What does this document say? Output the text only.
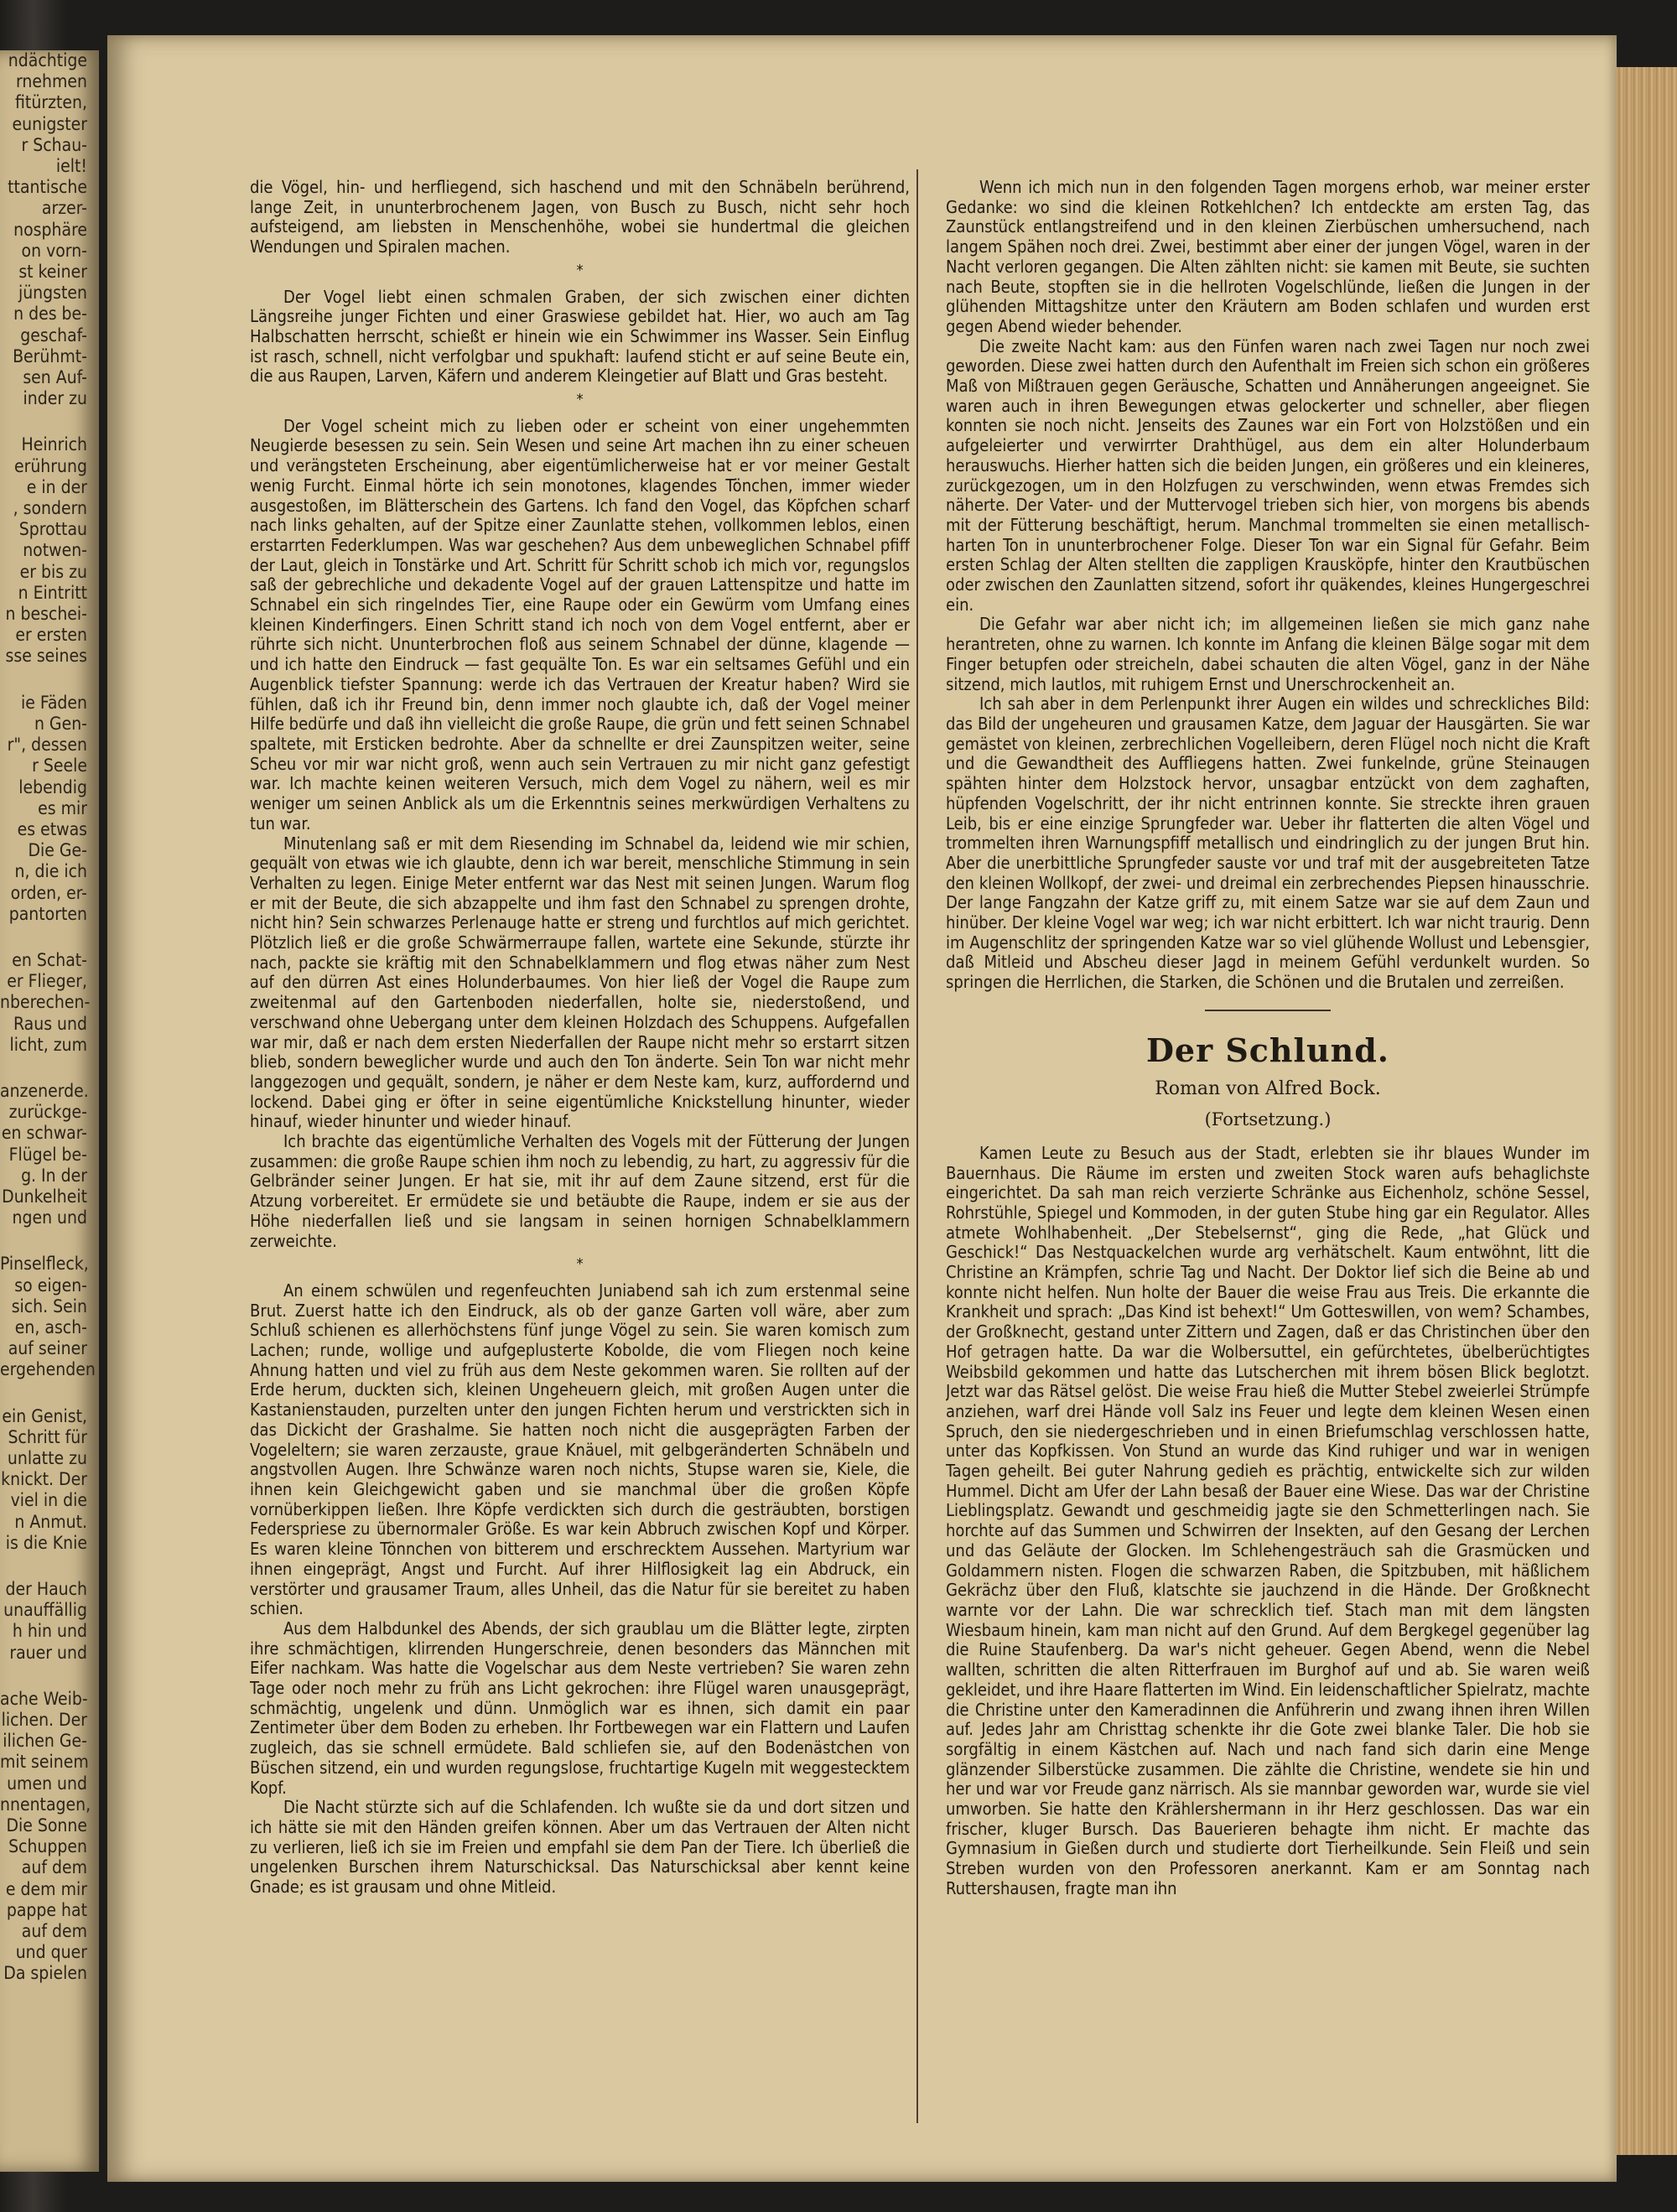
ndächtige

rnehmen

fitürzten,

eunigster

r Schau-

ielt!

ttantische

arzer-

nosphäre

on vorn-

st keiner

jüngsten

n des be-

geschaf-

Berühmt-

sen Auf-

inder zu

Heinrich

erührung

e in der

, sondern

Sprottau

notwen-

er bis zu

n Eintritt

n beschei-

er ersten

sse seines

ie Fäden

n Gen-

r", dessen

r Seele

lebendig

es mir

es etwas

Die Ge-

n, die ich

orden, er-

pantorten

en Schat-

er Flieger,

nberechen-

Raus und

licht, zum

anzenerde.

zurückge-

en schwar-

Flügel be-

g. In der

Dunkelheit

ngen und

Pinselfleck,

so eigen-

sich. Sein

en, asch-

auf seiner

ergehenden

ein Genist,

Schritt für

unlatte zu

knickt. Der

viel in die

n Anmut.

is die Knie

der Hauch

unauffällig

h hin und

rauer und

ache Weib-

lichen. Der

ilichen Ge-

mit seinem

umen und

nnentagen,

Die Sonne

Schuppen

auf dem

e dem mir

pappe hat

auf dem

und quer

Da spielen

die Vögel, hin- und herfliegend, sich haschend und mit den Schnäbeln berührend, lange Zeit, in ununterbrochenem Jagen, von Busch zu Busch, nicht sehr hoch aufsteigend, am liebsten in Menschenhöhe, wobei sie hundertmal die gleichen Wendungen und Spiralen machen.

*

Der Vogel liebt einen schmalen Graben, der sich zwischen einer dichten Längsreihe junger Fichten und einer Graswiese gebildet hat. Hier, wo auch am Tag Halbschatten herrscht, schießt er hinein wie ein Schwimmer ins Wasser. Sein Einflug ist rasch, schnell, nicht verfolgbar und spukhaft: laufend sticht er auf seine Beute ein, die aus Raupen, Larven, Käfern und anderem Kleingetier auf Blatt und Gras besteht.

*

Der Vogel scheint mich zu lieben oder er scheint von einer ungehemmten Neugierde besessen zu sein. Sein Wesen und seine Art machen ihn zu einer scheuen und verängsteten Erscheinung, aber eigentümlicherweise hat er vor meiner Gestalt wenig Furcht. Einmal hörte ich sein monotones, klagendes Tönchen, immer wieder ausgestoßen, im Blätterschein des Gartens. Ich fand den Vogel, das Köpfchen scharf nach links gehalten, auf der Spitze einer Zaunlatte stehen, vollkommen leblos, einen erstarrten Federklumpen. Was war geschehen? Aus dem unbeweglichen Schnabel pfiff der Laut, gleich in Tonstärke und Art. Schritt für Schritt schob ich mich vor, regungslos saß der gebrechliche und dekadente Vogel auf der grauen Lattenspitze und hatte im Schnabel ein sich ringelndes Tier, eine Raupe oder ein Gewürm vom Umfang eines kleinen Kinderfingers. Einen Schritt stand ich noch von dem Vogel entfernt, aber er rührte sich nicht. Ununterbrochen floß aus seinem Schnabel der dünne, klagende — und ich hatte den Eindruck — fast gequälte Ton. Es war ein seltsames Gefühl und ein Augenblick tiefster Spannung: werde ich das Vertrauen der Kreatur haben? Wird sie fühlen, daß ich ihr Freund bin, denn immer noch glaubte ich, daß der Vogel meiner Hilfe bedürfe und daß ihn vielleicht die große Raupe, die grün und fett seinen Schnabel spaltete, mit Ersticken bedrohte. Aber da schnellte er drei Zaunspitzen weiter, seine Scheu vor mir war nicht groß, wenn auch sein Vertrauen zu mir nicht ganz gefestigt war. Ich machte keinen weiteren Versuch, mich dem Vogel zu nähern, weil es mir weniger um seinen Anblick als um die Erkenntnis seines merkwürdigen Verhaltens zu tun war.

Minutenlang saß er mit dem Riesending im Schnabel da, leidend wie mir schien, gequält von etwas wie ich glaubte, denn ich war bereit, menschliche Stimmung in sein Verhalten zu legen. Einige Meter entfernt war das Nest mit seinen Jungen. Warum flog er mit der Beute, die sich abzappelte und ihm fast den Schnabel zu sprengen drohte, nicht hin? Sein schwarzes Perlenauge hatte er streng und furchtlos auf mich gerichtet. Plötzlich ließ er die große Schwärmerraupe fallen, wartete eine Sekunde, stürzte ihr nach, packte sie kräftig mit den Schnabelklammern und flog etwas näher zum Nest auf den dürren Ast eines Holunderbaumes. Von hier ließ der Vogel die Raupe zum zweitenmal auf den Gartenboden niederfallen, holte sie, niederstoßend, und verschwand ohne Uebergang unter dem kleinen Holzdach des Schuppens. Aufgefallen war mir, daß er nach dem ersten Niederfallen der Raupe nicht mehr so erstarrt sitzen blieb, sondern beweglicher wurde und auch den Ton änderte. Sein Ton war nicht mehr langgezogen und gequält, sondern, je näher er dem Neste kam, kurz, auffordernd und lockend. Dabei ging er öfter in seine eigentümliche Knickstellung hinunter, wieder hinauf, wieder hinunter und wieder hinauf.

Ich brachte das eigentümliche Verhalten des Vogels mit der Fütterung der Jungen zusammen: die große Raupe schien ihm noch zu lebendig, zu hart, zu aggressiv für die Gelbränder seiner Jungen. Er hat sie, mit ihr auf dem Zaune sitzend, erst für die Atzung vorbereitet. Er ermüdete sie und betäubte die Raupe, indem er sie aus der Höhe niederfallen ließ und sie langsam in seinen hornigen Schnabelklammern zerweichte.

*

An einem schwülen und regenfeuchten Juniabend sah ich zum erstenmal seine Brut. Zuerst hatte ich den Eindruck, als ob der ganze Garten voll wäre, aber zum Schluß schienen es allerhöchstens fünf junge Vögel zu sein. Sie waren komisch zum Lachen; runde, wollige und aufgeplusterte Kobolde, die vom Fliegen noch keine Ahnung hatten und viel zu früh aus dem Neste gekommen waren. Sie rollten auf der Erde herum, duckten sich, kleinen Ungeheuern gleich, mit großen Augen unter die Kastanienstauden, purzelten unter den jungen Fichten herum und verstrickten sich in das Dickicht der Grashalme. Sie hatten noch nicht die ausgeprägten Farben der Vogeleltern; sie waren zerzauste, graue Knäuel, mit gelbgeränderten Schnäbeln und angstvollen Augen. Ihre Schwänze waren noch nichts, Stupse waren sie, Kiele, die ihnen kein Gleichgewicht gaben und sie manchmal über die großen Köpfe vornüberkippen ließen. Ihre Köpfe verdickten sich durch die gesträubten, borstigen Federspriese zu übernormaler Größe. Es war kein Abbruch zwischen Kopf und Körper. Es waren kleine Tönnchen von bitterem und erschrecktem Aussehen. Martyrium war ihnen eingeprägt, Angst und Furcht. Auf ihrer Hilflosigkeit lag ein Abdruck, ein verstörter und grausamer Traum, alles Unheil, das die Natur für sie bereitet zu haben schien.

Aus dem Halbdunkel des Abends, der sich graublau um die Blätter legte, zirpten ihre schmächtigen, klirrenden Hungerschreie, denen besonders das Männchen mit Eifer nachkam. Was hatte die Vogelschar aus dem Neste vertrieben? Sie waren zehn Tage oder noch mehr zu früh ans Licht gekrochen: ihre Flügel waren unausgeprägt, schmächtig, ungelenk und dünn. Unmöglich war es ihnen, sich damit ein paar Zentimeter über dem Boden zu erheben. Ihr Fortbewegen war ein Flattern und Laufen zugleich, das sie schnell ermüdete. Bald schliefen sie, auf den Bodenästchen von Büschen sitzend, ein und wurden regungslose, fruchtartige Kugeln mit weggestecktem Kopf.

Die Nacht stürzte sich auf die Schlafenden. Ich wußte sie da und dort sitzen und ich hätte sie mit den Händen greifen können. Aber um das Vertrauen der Alten nicht zu verlieren, ließ ich sie im Freien und empfahl sie dem Pan der Tiere. Ich überließ die ungelenken Burschen ihrem Naturschicksal. Das Naturschicksal aber kennt keine Gnade; es ist grausam und ohne Mitleid.

Wenn ich mich nun in den folgenden Tagen morgens erhob, war meiner erster Gedanke: wo sind die kleinen Rotkehlchen? Ich entdeckte am ersten Tag, das Zaunstück entlangstreifend und in den kleinen Zierbüschen umhersuchend, nach langem Spähen noch drei. Zwei, bestimmt aber einer der jungen Vögel, waren in der Nacht verloren gegangen. Die Alten zählten nicht: sie kamen mit Beute, sie suchten nach Beute, stopften sie in die hellroten Vogelschlünde, ließen die Jungen in der glühenden Mittagshitze unter den Kräutern am Boden schlafen und wurden erst gegen Abend wieder behender.

Die zweite Nacht kam: aus den Fünfen waren nach zwei Tagen nur noch zwei geworden. Diese zwei hatten durch den Aufenthalt im Freien sich schon ein größeres Maß von Mißtrauen gegen Geräusche, Schatten und Annäherungen angeeignet. Sie waren auch in ihren Bewegungen etwas gelockerter und schneller, aber fliegen konnten sie noch nicht. Jenseits des Zaunes war ein Fort von Holzstößen und ein aufgeleierter und verwirrter Drahthügel, aus dem ein alter Holunderbaum herauswuchs. Hierher hatten sich die beiden Jungen, ein größeres und ein kleineres, zurückgezogen, um in den Holzfugen zu verschwinden, wenn etwas Fremdes sich näherte. Der Vater- und der Muttervogel trieben sich hier, von morgens bis abends mit der Fütterung beschäftigt, herum. Manchmal trommelten sie einen metallisch-harten Ton in ununterbrochener Folge. Dieser Ton war ein Signal für Gefahr. Beim ersten Schlag der Alten stellten die zappligen Krausköpfe, hinter den Krautbüschen oder zwischen den Zaunlatten sitzend, sofort ihr quäkendes, kleines Hungergeschrei ein.

Die Gefahr war aber nicht ich; im allgemeinen ließen sie mich ganz nahe herantreten, ohne zu warnen. Ich konnte im Anfang die kleinen Bälge sogar mit dem Finger betupfen oder streicheln, dabei schauten die alten Vögel, ganz in der Nähe sitzend, mich lautlos, mit ruhigem Ernst und Unerschrockenheit an.

Ich sah aber in dem Perlenpunkt ihrer Augen ein wildes und schreckliches Bild: das Bild der ungeheuren und grausamen Katze, dem Jaguar der Hausgärten. Sie war gemästet von kleinen, zerbrechlichen Vogelleibern, deren Flügel noch nicht die Kraft und die Gewandtheit des Auffliegens hatten. Zwei funkelnde, grüne Steinaugen spähten hinter dem Holzstock hervor, unsagbar entzückt von dem zaghaften, hüpfenden Vogelschritt, der ihr nicht entrinnen konnte. Sie streckte ihren grauen Leib, bis er eine einzige Sprungfeder war. Ueber ihr flatterten die alten Vögel und trommelten ihren Warnungspfiff metallisch und eindringlich zu der jungen Brut hin. Aber die unerbittliche Sprungfeder sauste vor und traf mit der ausgebreiteten Tatze den kleinen Wollkopf, der zwei- und dreimal ein zerbrechendes Piepsen hinausschrie. Der lange Fangzahn der Katze griff zu, mit einem Satze war sie auf dem Zaun und hinüber. Der kleine Vogel war weg; ich war nicht erbittert. Ich war nicht traurig. Denn im Augenschlitz der springenden Katze war so viel glühende Wollust und Lebensgier, daß Mitleid und Abscheu dieser Jagd in meinem Gefühl verdunkelt wurden. So springen die Herrlichen, die Starken, die Schönen und die Brutalen und zerreißen.

Der Schlund.
Roman von Alfred Bock.
(Fortsetzung.)

Kamen Leute zu Besuch aus der Stadt, erlebten sie ihr blaues Wunder im Bauernhaus. Die Räume im ersten und zweiten Stock waren aufs behaglichste eingerichtet. Da sah man reich verzierte Schränke aus Eichenholz, schöne Sessel, Rohrstühle, Spiegel und Kommoden, in der guten Stube hing gar ein Regulator. Alles atmete Wohlhabenheit. „Der Stebelsernst“, ging die Rede, „hat Glück und Geschick!“ Das Nestquackelchen wurde arg verhätschelt. Kaum entwöhnt, litt die Christine an Krämpfen, schrie Tag und Nacht. Der Doktor lief sich die Beine ab und konnte nicht helfen. Nun holte der Bauer die weise Frau aus Treis. Die erkannte die Krankheit und sprach: „Das Kind ist behext!“ Um Gotteswillen, von wem? Schambes, der Großknecht, gestand unter Zittern und Zagen, daß er das Christinchen über den Hof getragen hatte. Da war die Wolbersuttel, ein gefürchtetes, übelberüchtigtes Weibsbild gekommen und hatte das Lutscherchen mit ihrem bösen Blick beglotzt. Jetzt war das Rätsel gelöst. Die weise Frau hieß die Mutter Stebel zweierlei Strümpfe anziehen, warf drei Hände voll Salz ins Feuer und legte dem kleinen Wesen einen Spruch, den sie niedergeschrieben und in einen Briefumschlag verschlossen hatte, unter das Kopfkissen. Von Stund an wurde das Kind ruhiger und war in wenigen Tagen geheilt. Bei guter Nahrung gedieh es prächtig, entwickelte sich zur wilden Hummel. Dicht am Ufer der Lahn besaß der Bauer eine Wiese. Das war der Christine Lieblingsplatz. Gewandt und geschmeidig jagte sie den Schmetterlingen nach. Sie horchte auf das Summen und Schwirren der Insekten, auf den Gesang der Lerchen und das Geläute der Glocken. Im Schlehengesträuch sah die Grasmücken und Goldammern nisten. Flogen die schwarzen Raben, die Spitzbuben, mit häßlichem Gekrächz über den Fluß, klatschte sie jauchzend in die Hände. Der Großknecht warnte vor der Lahn. Die war schrecklich tief. Stach man mit dem längsten Wiesbaum hinein, kam man nicht auf den Grund. Auf dem Bergkegel gegenüber lag die Ruine Staufenberg. Da war's nicht geheuer. Gegen Abend, wenn die Nebel wallten, schritten die alten Ritterfrauen im Burghof auf und ab. Sie waren weiß gekleidet, und ihre Haare flatterten im Wind. Ein leidenschaftlicher Spielratz, machte die Christine unter den Kameradinnen die Anführerin und zwang ihnen ihren Willen auf. Jedes Jahr am Christtag schenkte ihr die Gote zwei blanke Taler. Die hob sie sorgfältig in einem Kästchen auf. Nach und nach fand sich darin eine Menge glänzender Silberstücke zusammen. Die zählte die Christine, wendete sie hin und her und war vor Freude ganz närrisch. Als sie mannbar geworden war, wurde sie viel umworben. Sie hatte den Krählershermann in ihr Herz geschlossen. Das war ein frischer, kluger Bursch. Das Bauerieren behagte ihm nicht. Er machte das Gymnasium in Gießen durch und studierte dort Tierheilkunde. Sein Fleiß und sein Streben wurden von den Professoren anerkannt. Kam er am Sonntag nach Ruttershausen, fragte man ihn
